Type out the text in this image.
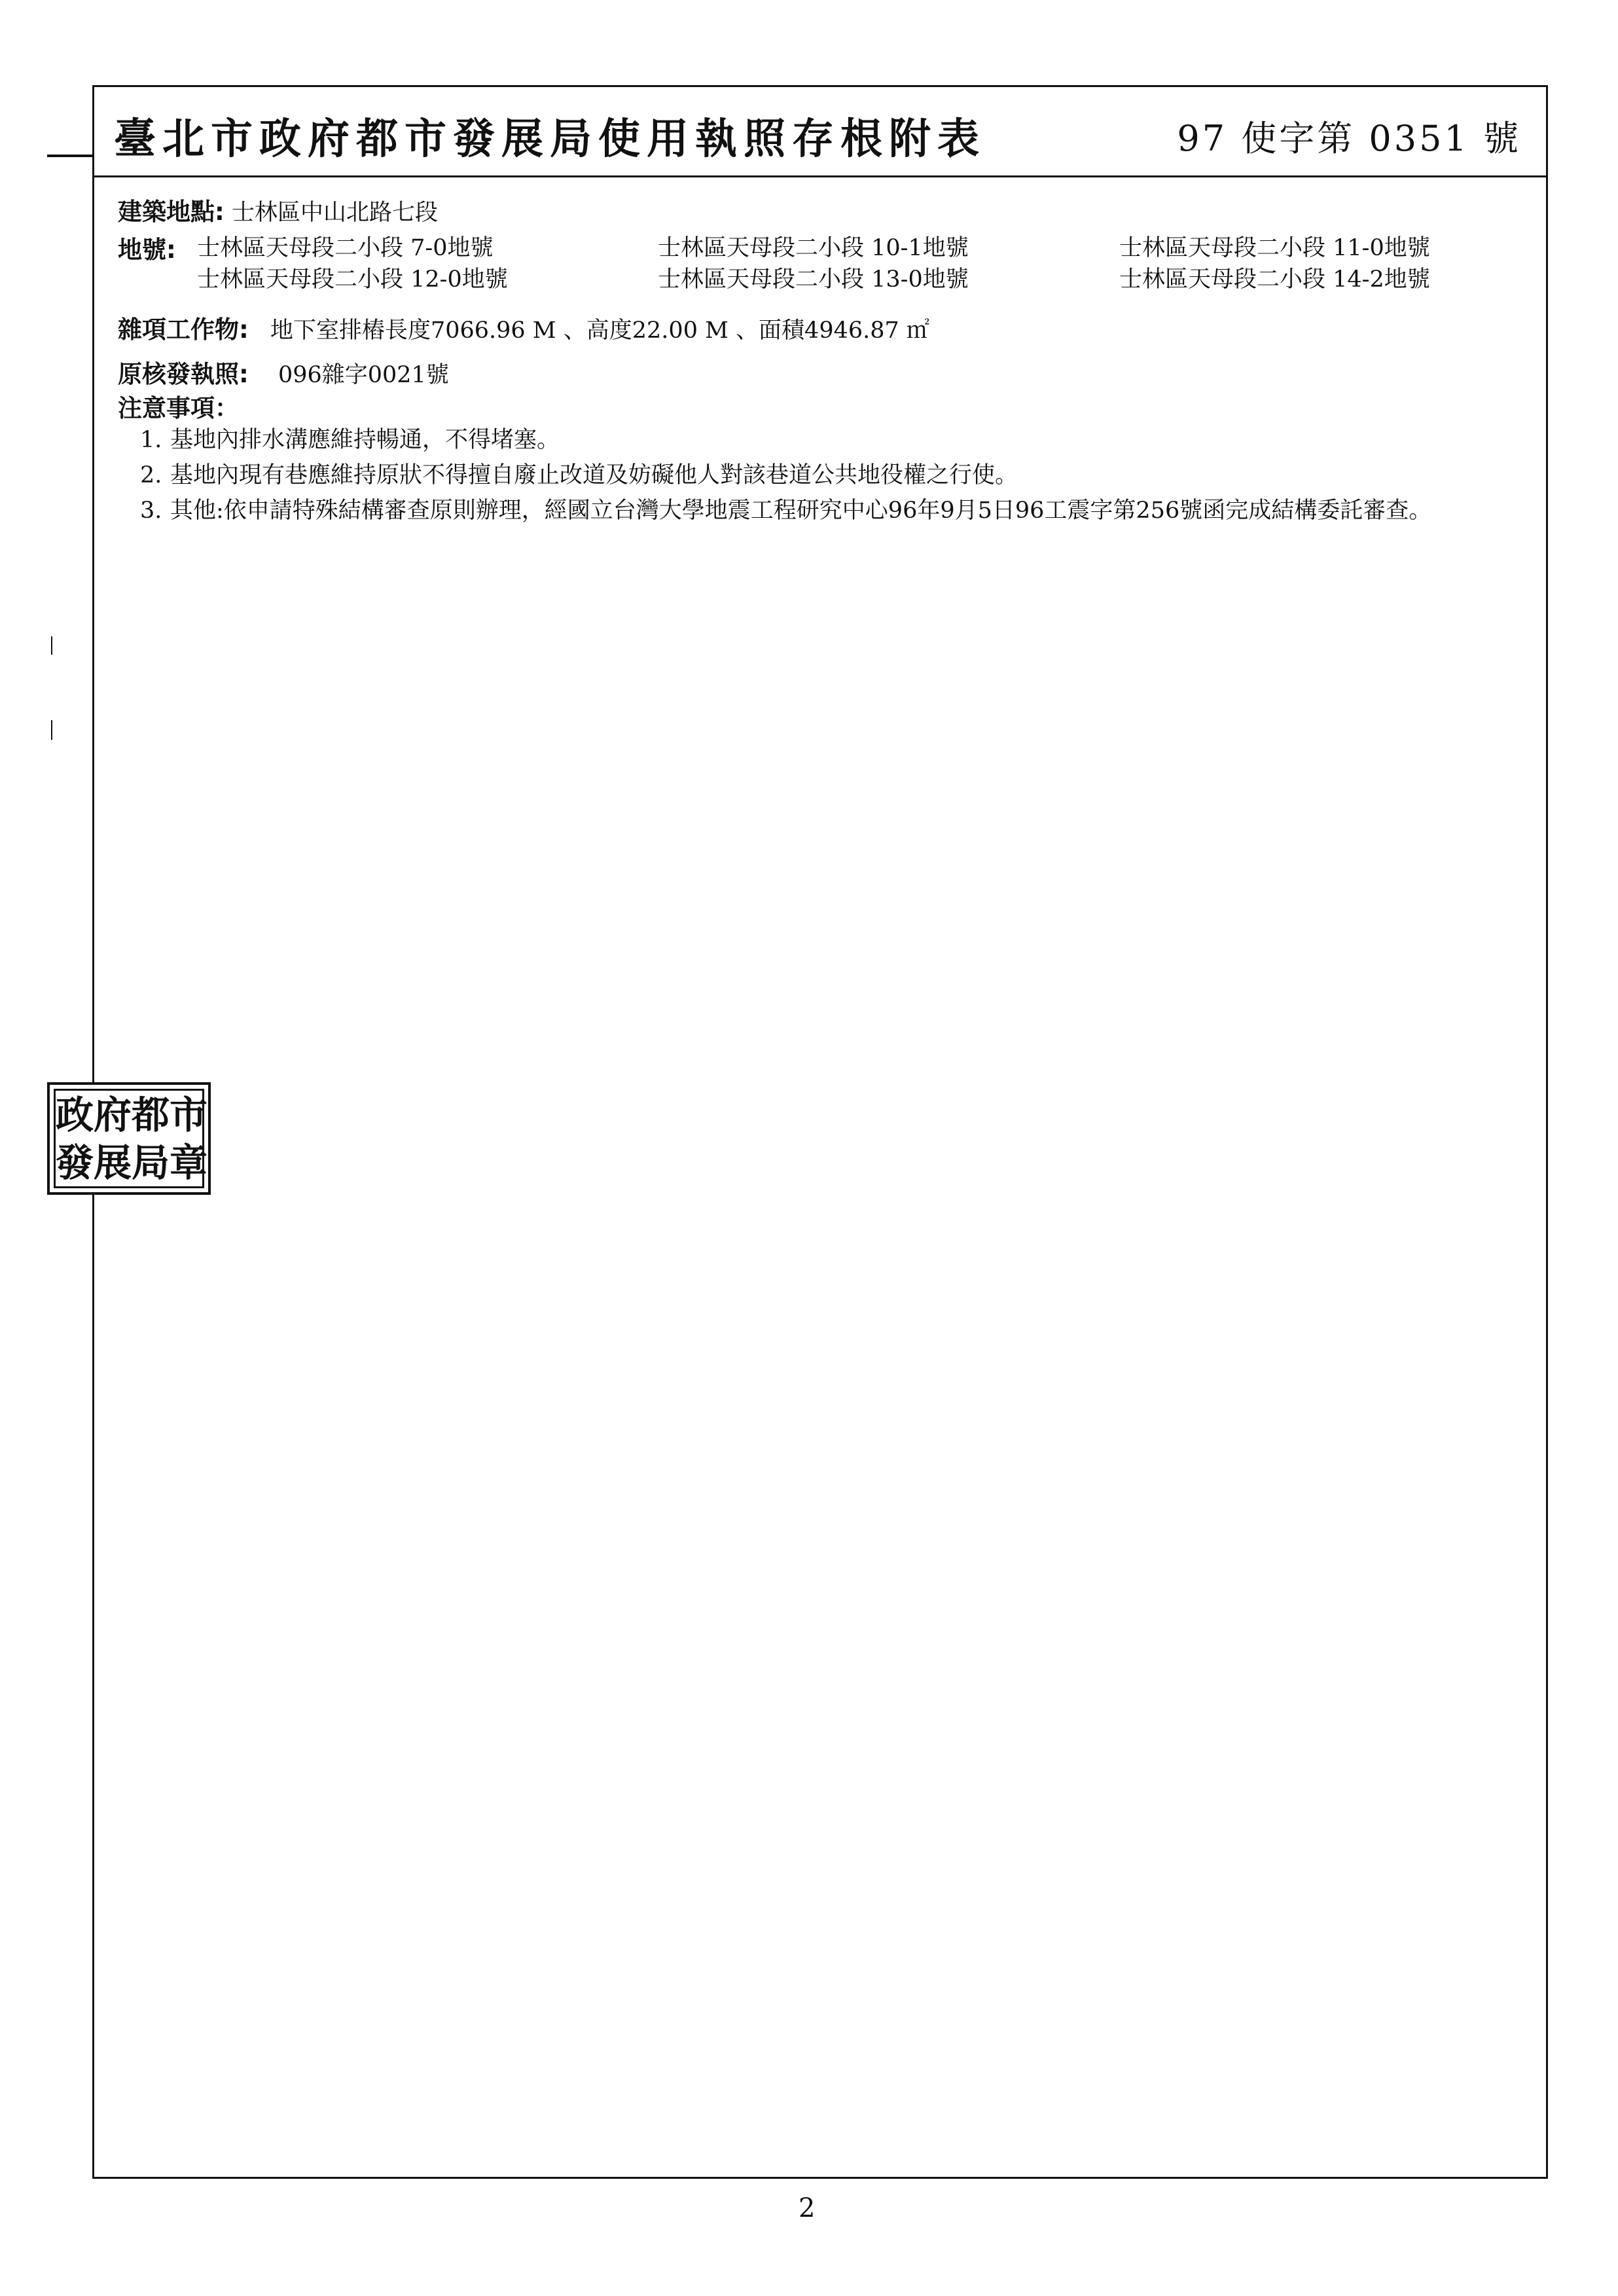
臺北市政府都市發展局使用執照存根附表	97 使字第 0351 號
建築地點: 士林區中山北路七段
地號: 士林區天母段二小段 7-0地號	士林區天母段二小段 10-1地號	士林區天母段二小段 11-0地號
士林區天母段二小段 12-0地號	士林區天母段二小段 13-0地號	士林區天母段二小段 14-2地號
雜項工作物: 地下室排樁長度7066.96 M 、高度22.00 M 、面積4946.87 ㎡
原核發執照: 096雜字0021號
注意事項：
1. 基地內排水溝應維持暢通，不得堵塞。
2. 基地內現有巷應維持原狀不得擅自廢止改道及妨礙他人對該巷道公共地役權之行使。
3. 其他:依申請特殊結構審查原則辦理，經國立台灣大學地震工程研究中心96年9月5日96工震字第256號函完成結構委託審查。
政 府 都 市
發 展 局 章
2
